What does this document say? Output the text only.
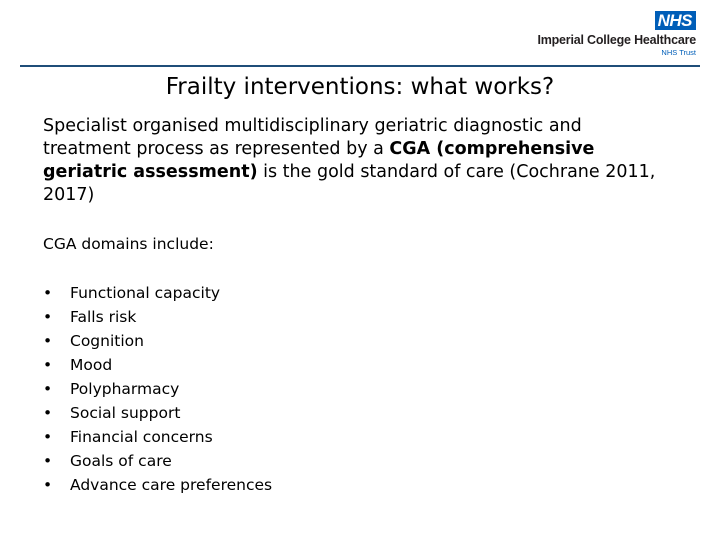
NHS
Imperial College Healthcare
NHS Trust
Frailty interventions: what works?
Specialist organised multidisciplinary geriatric diagnostic and treatment process as represented by a CGA (comprehensive geriatric assessment) is the gold standard of care (Cochrane 2011, 2017)
CGA domains include:
•	Functional capacity
•	Falls risk
•	Cognition
•	Mood
•	Polypharmacy
•	Social support
•	Financial concerns
•	Goals of care
•	Advance care preferences
